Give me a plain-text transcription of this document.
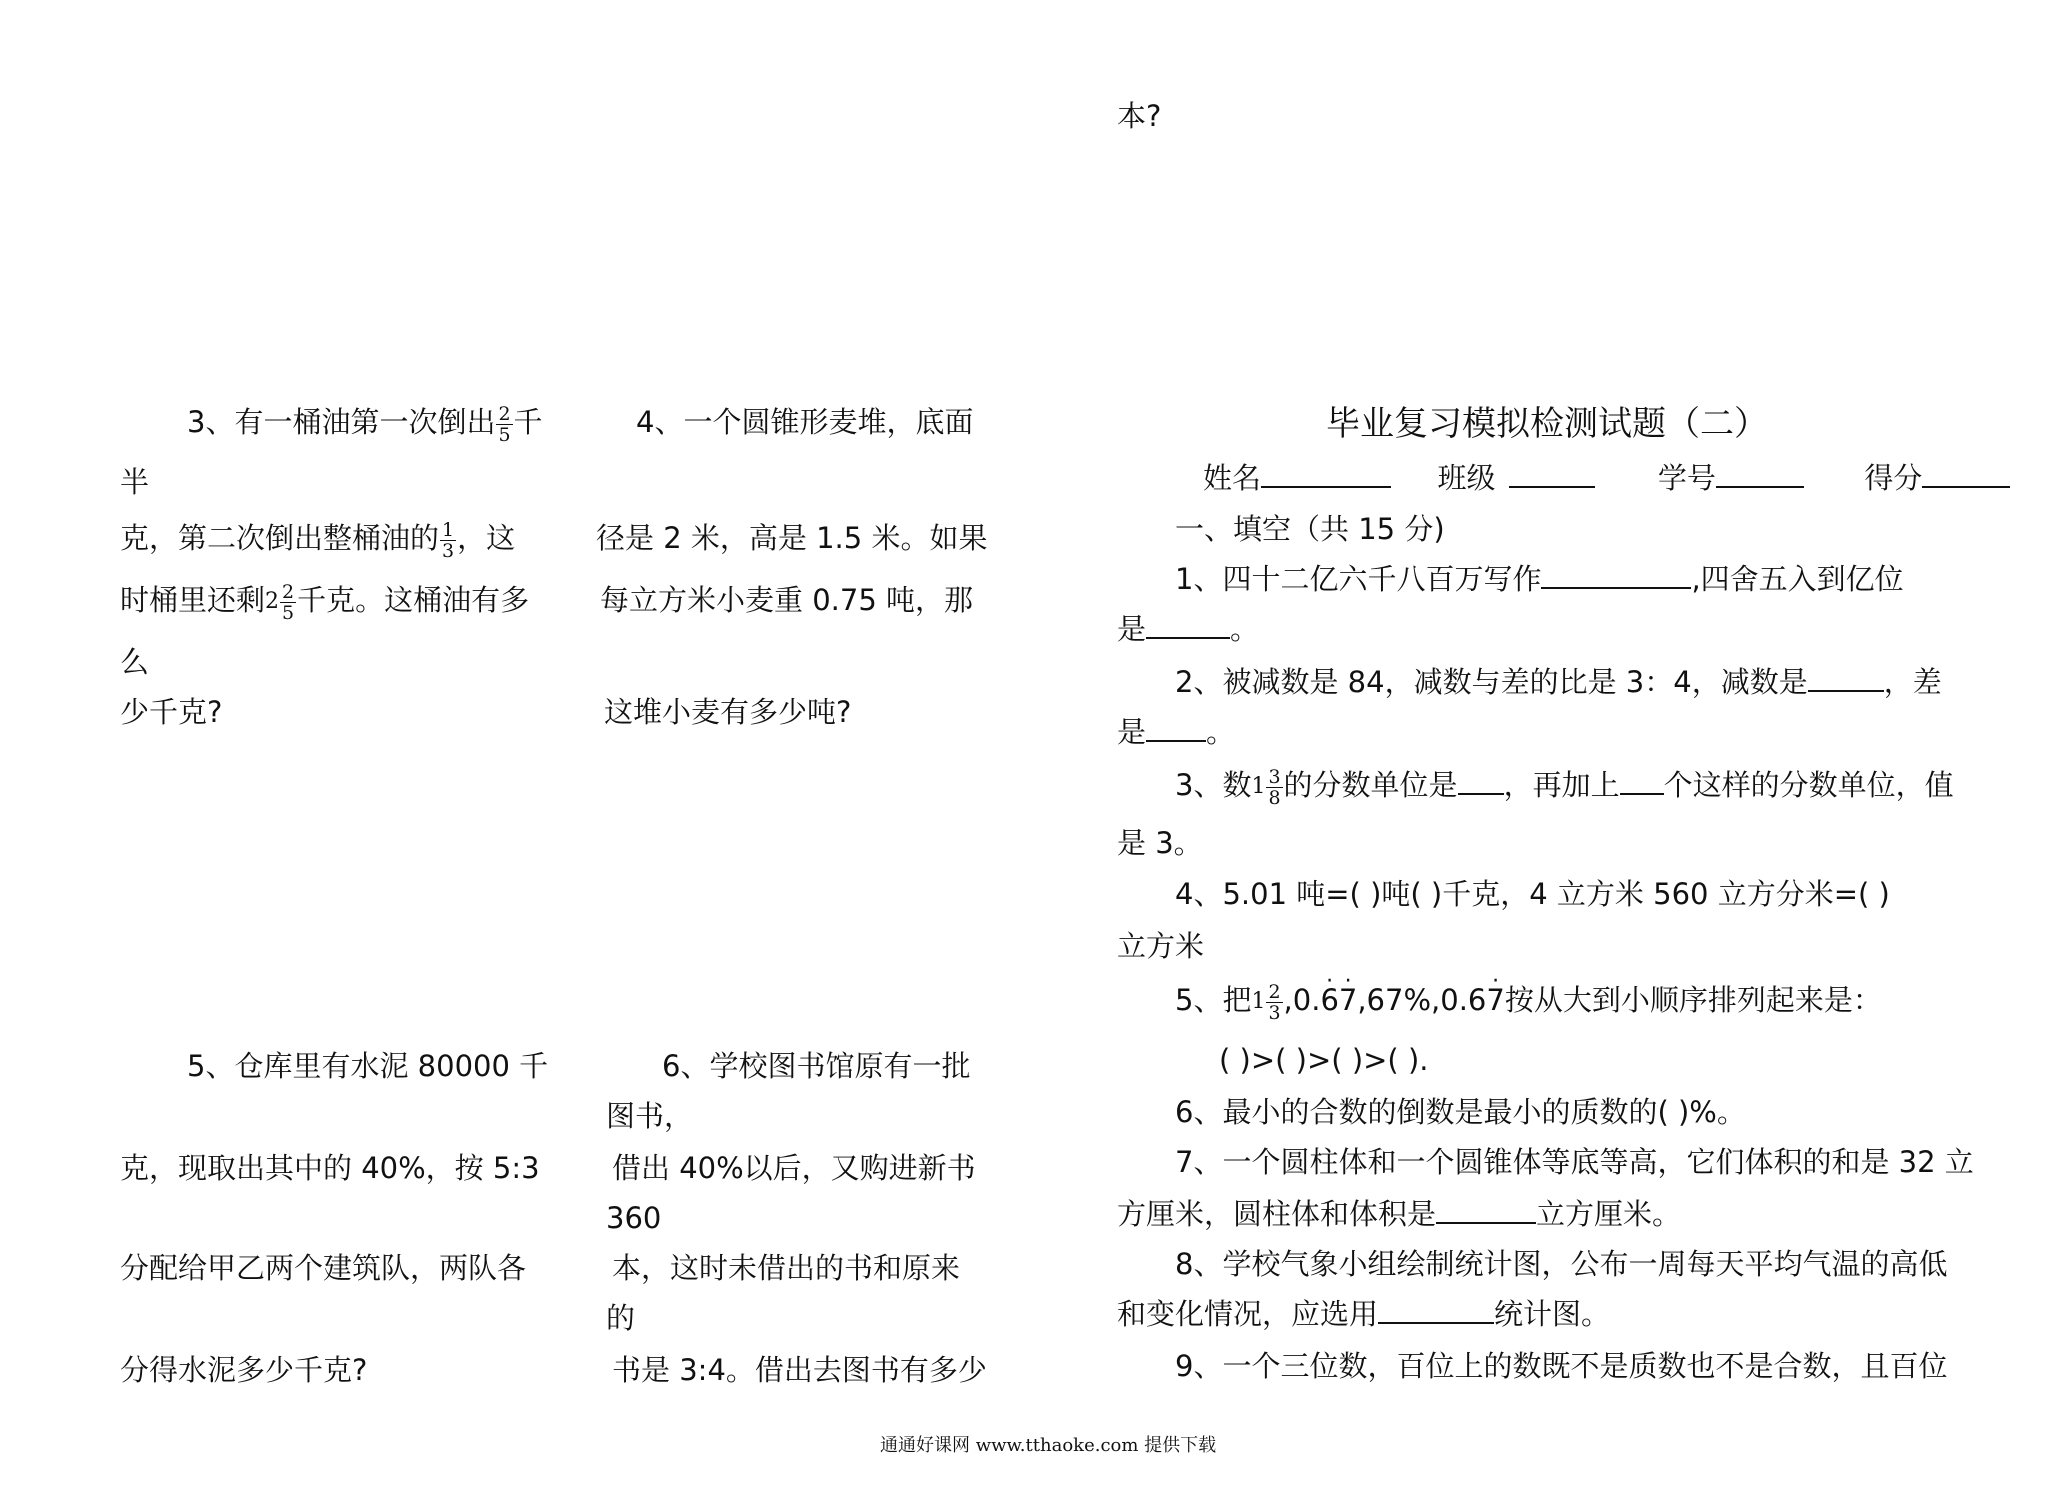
本?
3、有一桶油第一次倒出 $\frac{2}{5}$ 千
半
克，第二次倒出整桶油的 $\frac{1}{3}$ ，这
时桶里还剩$2 \frac{2}{5}$ 千克。这桶油有多
么
少千克?
4、一个圆锥形麦堆，底面
径是 2 米，高是 1.5 米。如果
每立方米小麦重 0.75 吨，那
这堆小麦有多少吨?
5、仓库里有水泥 80000 千
克，现取出其中的 40%，按 5:3
分配给甲乙两个建筑队，两队各
分得水泥多少千克?
6、学校图书馆原有一批
图书，
借出 40%以后，又购进新书
360
本，这时未借出的书和原来
的
书是 3:4。借出去图书有多少
毕业复习模拟检测试题（二）
姓名	班级	学号	得分
一、填空（共 15 分)
1、四十二亿六千八百万写作	,四舍五入到亿位
是	。
2、被减数是 84，减数与差的比是 3：4，减数是	，差
是 。
3、数$1 \frac{3}{8}$ 的分数单位是 ，再加上 个这样的分数单位，值
是 3。
4、5.01 吨=( )吨( )千克，4 立方米 560 立方分米=( )
立方米
5、把$1 \frac{2}{3} ,0.6 \cdot 7 \cdot,67\%,0.67$ ·按从大到小顺序排列起来是：
( )>( )>( )>( ).
6、最小的合数的倒数是最小的质数的( )%。
7、一个圆柱体和一个圆锥体等底等高，它们体积的和是 32 立
方厘米，圆柱体和体积是	立方厘米。
8、学校气象小组绘制统计图，公布一周每天平均气温的高低
和变化情况，应选用	统计图。
9、一个三位数，百位上的数既不是质数也不是合数，且百位
通通好课网 www.tthaoke.com 提供下载
